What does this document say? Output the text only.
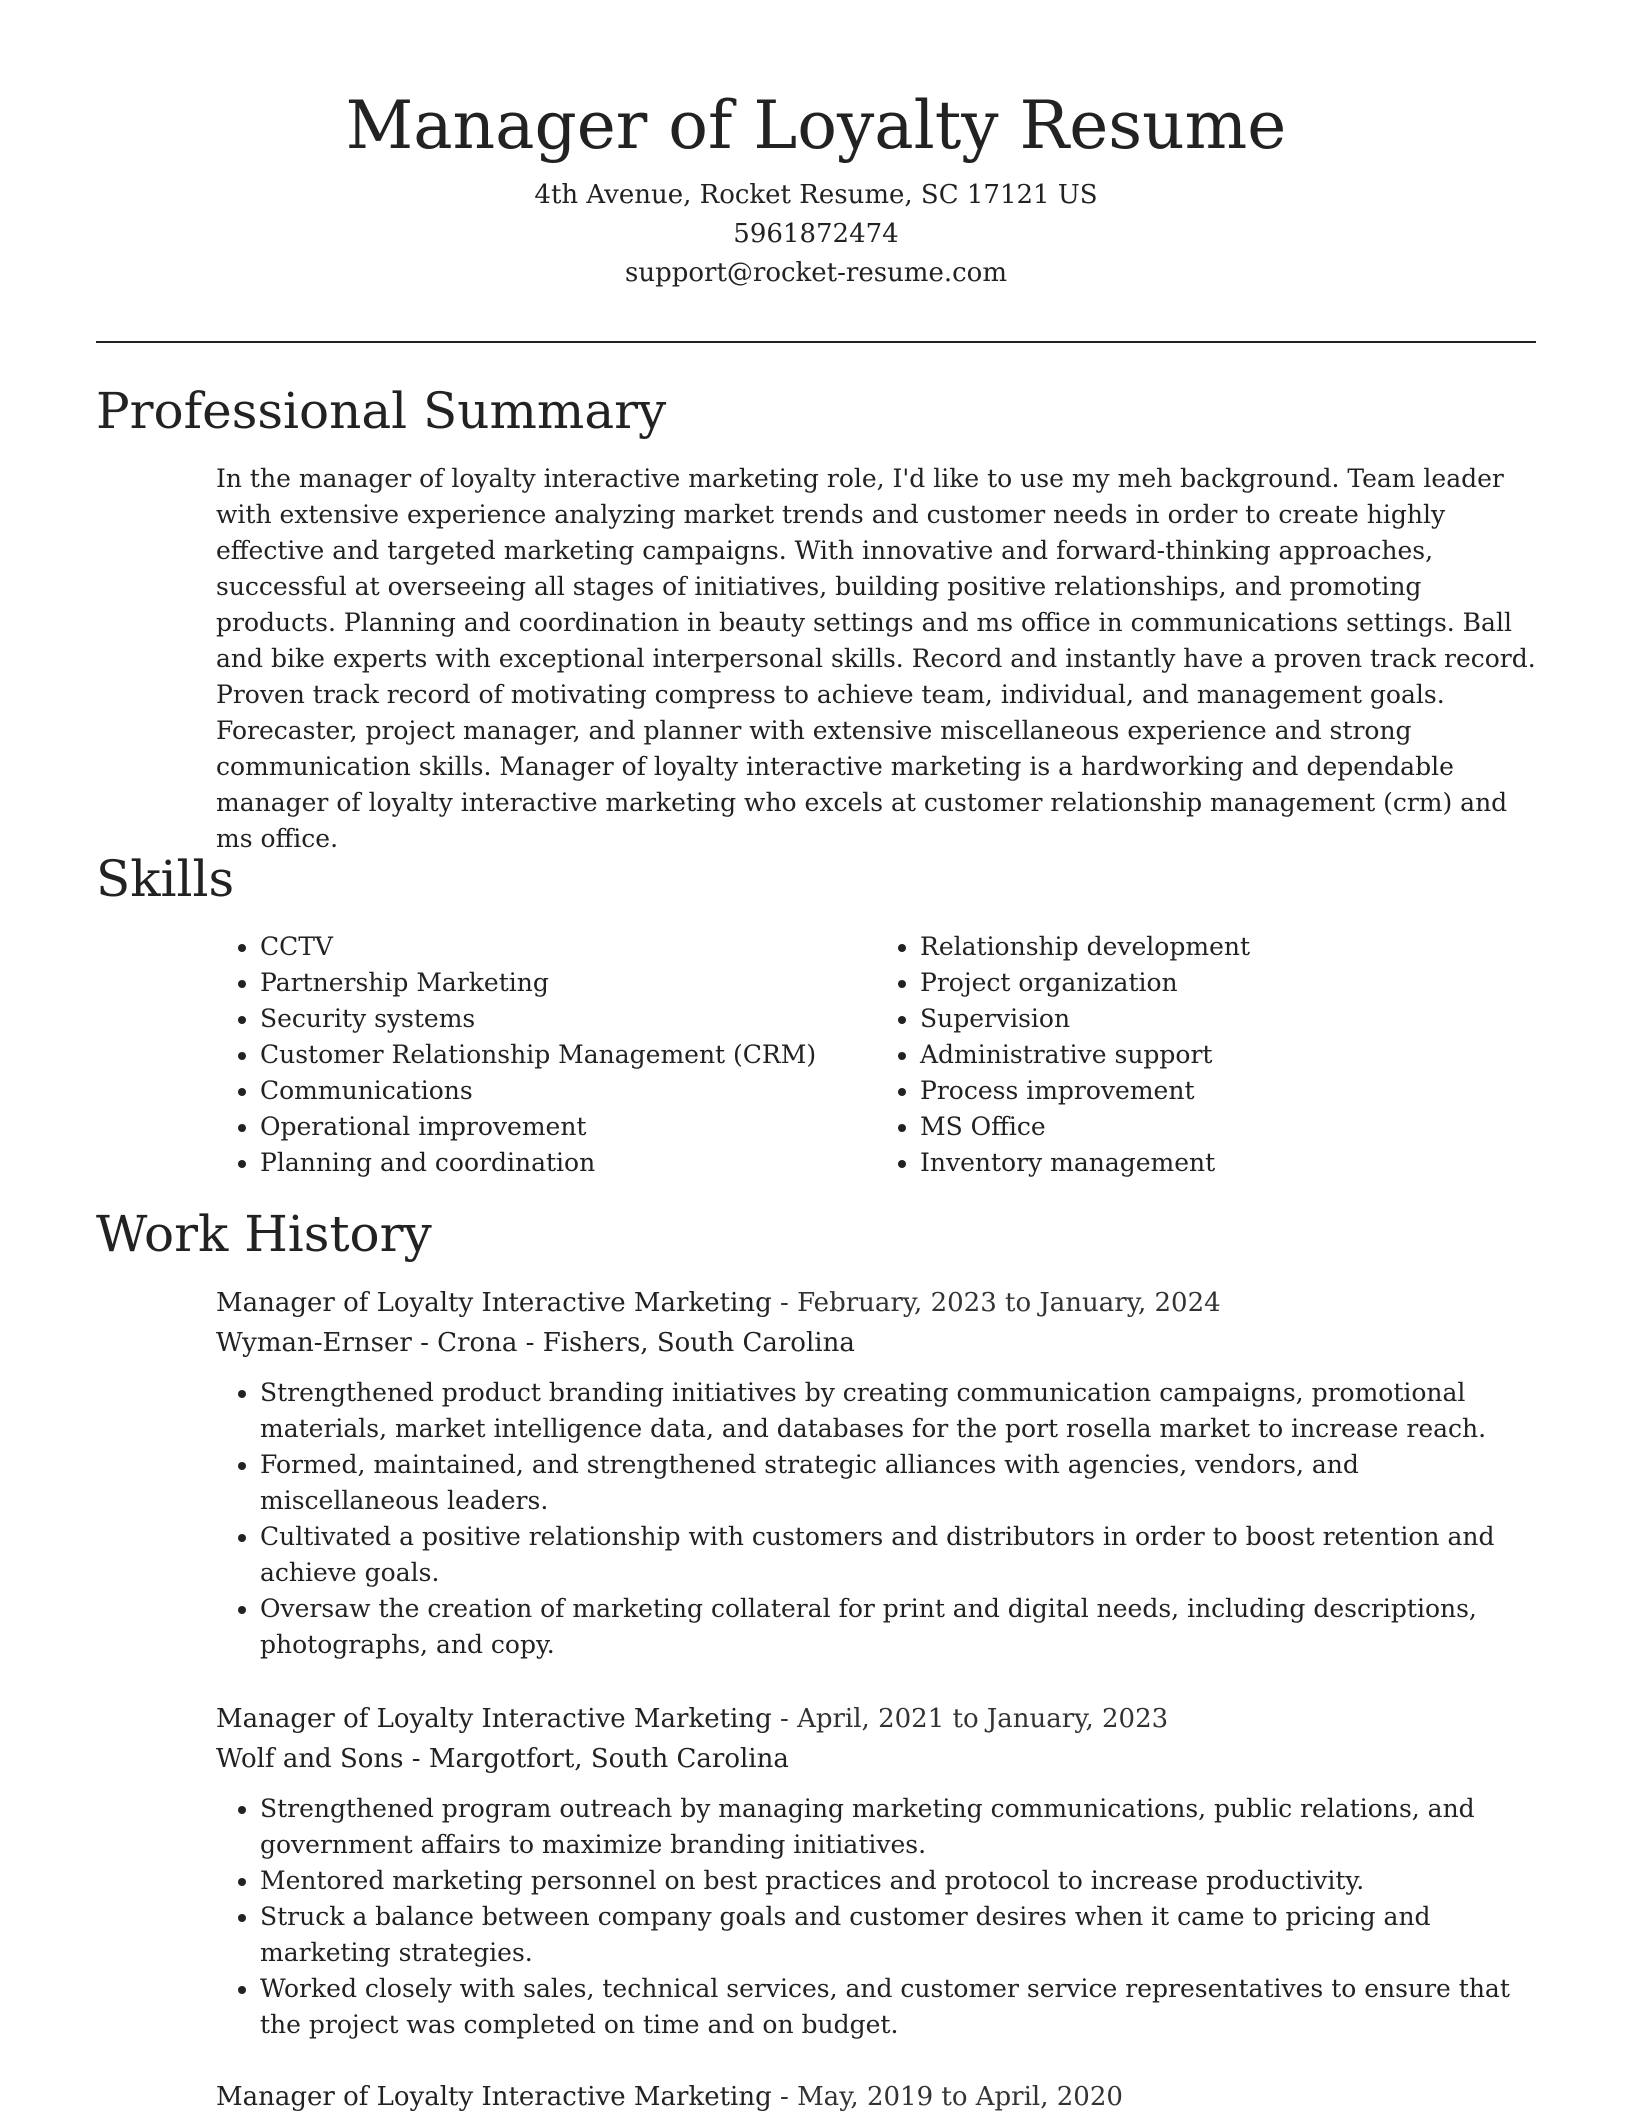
Manager of Loyalty Resume
4th Avenue, Rocket Resume, SC 17121 US
5961872474
support@rocket-resume.com
Professional Summary

In the manager of loyalty interactive marketing role, I'd like to use my meh background. Team leader with extensive experience analyzing market trends and customer needs in order to create highly effective and targeted marketing campaigns. With innovative and forward-thinking approaches, successful at overseeing all stages of initiatives, building positive relationships, and promoting products. Planning and coordination in beauty settings and ms office in communications settings. Ball and bike experts with exceptional interpersonal skills. Record and instantly have a proven track record. Proven track record of motivating compress to achieve team, individual, and management goals. Forecaster, project manager, and planner with extensive miscellaneous experience and strong communication skills. Manager of loyalty interactive marketing is a hardworking and dependable manager of loyalty interactive marketing who excels at customer relationship management (crm) and ms office.

Skills
• CCTV
• Partnership Marketing
• Security systems
• Customer Relationship Management (CRM)
• Communications
• Operational improvement
• Planning and coordination
• Relationship development
• Project organization
• Supervision
• Administrative support
• Process improvement
• MS Office
• Inventory management
Work History

Manager of Loyalty Interactive Marketing - February, 2023 to January, 2024

Wyman-Ernser - Crona - Fishers, South Carolina

• Strengthened product branding initiatives by creating communication campaigns, promotional materials, market intelligence data, and databases for the port rosella market to increase reach.
• Formed, maintained, and strengthened strategic alliances with agencies, vendors, and miscellaneous leaders.
• Cultivated a positive relationship with customers and distributors in order to boost retention and achieve goals.
• Oversaw the creation of marketing collateral for print and digital needs, including descriptions, photographs, and copy.

Manager of Loyalty Interactive Marketing - April, 2021 to January, 2023

Wolf and Sons - Margotfort, South Carolina

• Strengthened program outreach by managing marketing communications, public relations, and government affairs to maximize branding initiatives.
• Mentored marketing personnel on best practices and protocol to increase productivity.
• Struck a balance between company goals and customer desires when it came to pricing and marketing strategies.
• Worked closely with sales, technical services, and customer service representatives to ensure that the project was completed on time and on budget.

Manager of Loyalty Interactive Marketing - May, 2019 to April, 2020
